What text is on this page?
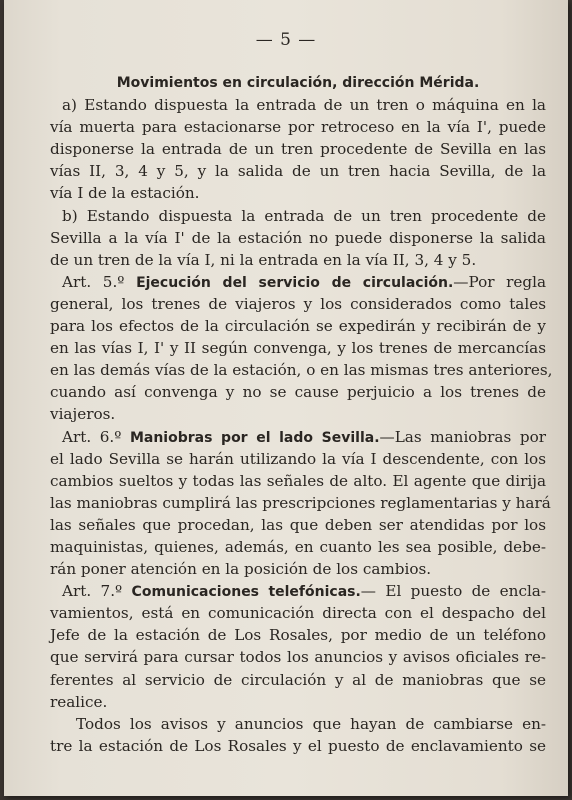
— 5 —
Movimientos en circulación, dirección Mérida.
a) Estando dispuesta la entrada de un tren o máquina en la
vía muerta para estacionarse por retroceso en la vía I', puede
disponerse la entrada de un tren procedente de Sevilla en las
vías II, 3, 4 y 5, y la salida de un tren hacia Sevilla, de la
vía I de la estación.
b) Estando dispuesta la entrada de un tren procedente de
Sevilla a la vía I' de la estación no puede disponerse la salida
de un tren de la vía I, ni la entrada en la vía II, 3, 4 y 5.
Art. 5.º Ejecución del servicio de circulación.—Por regla
general, los trenes de viajeros y los considerados como tales
para los efectos de la circulación se expedirán y recibirán de y
en las vías I, I' y II según convenga, y los trenes de mercancías
en las demás vías de la estación, o en las mismas tres anteriores,
cuando así convenga y no se cause perjuicio a los trenes de
viajeros.
Art. 6.º Maniobras por el lado Sevilla.—Las maniobras por
el lado Sevilla se harán utilizando la vía I descendente, con los
cambios sueltos y todas las señales de alto. El agente que dirija
las maniobras cumplirá las prescripciones reglamentarias y hará
las señales que procedan, las que deben ser atendidas por los
maquinistas, quienes, además, en cuanto les sea posible, debe-
rán poner atención en la posición de los cambios.
Art. 7.º Comunicaciones telefónicas.— El puesto de encla-
vamientos, está en comunicación directa con el despacho del
Jefe de la estación de Los Rosales, por medio de un teléfono
que servirá para cursar todos los anuncios y avisos oficiales re-
ferentes al servicio de circulación y al de maniobras que se
realice.
Todos los avisos y anuncios que hayan de cambiarse en-
tre la estación de Los Rosales y el puesto de enclavamiento se
